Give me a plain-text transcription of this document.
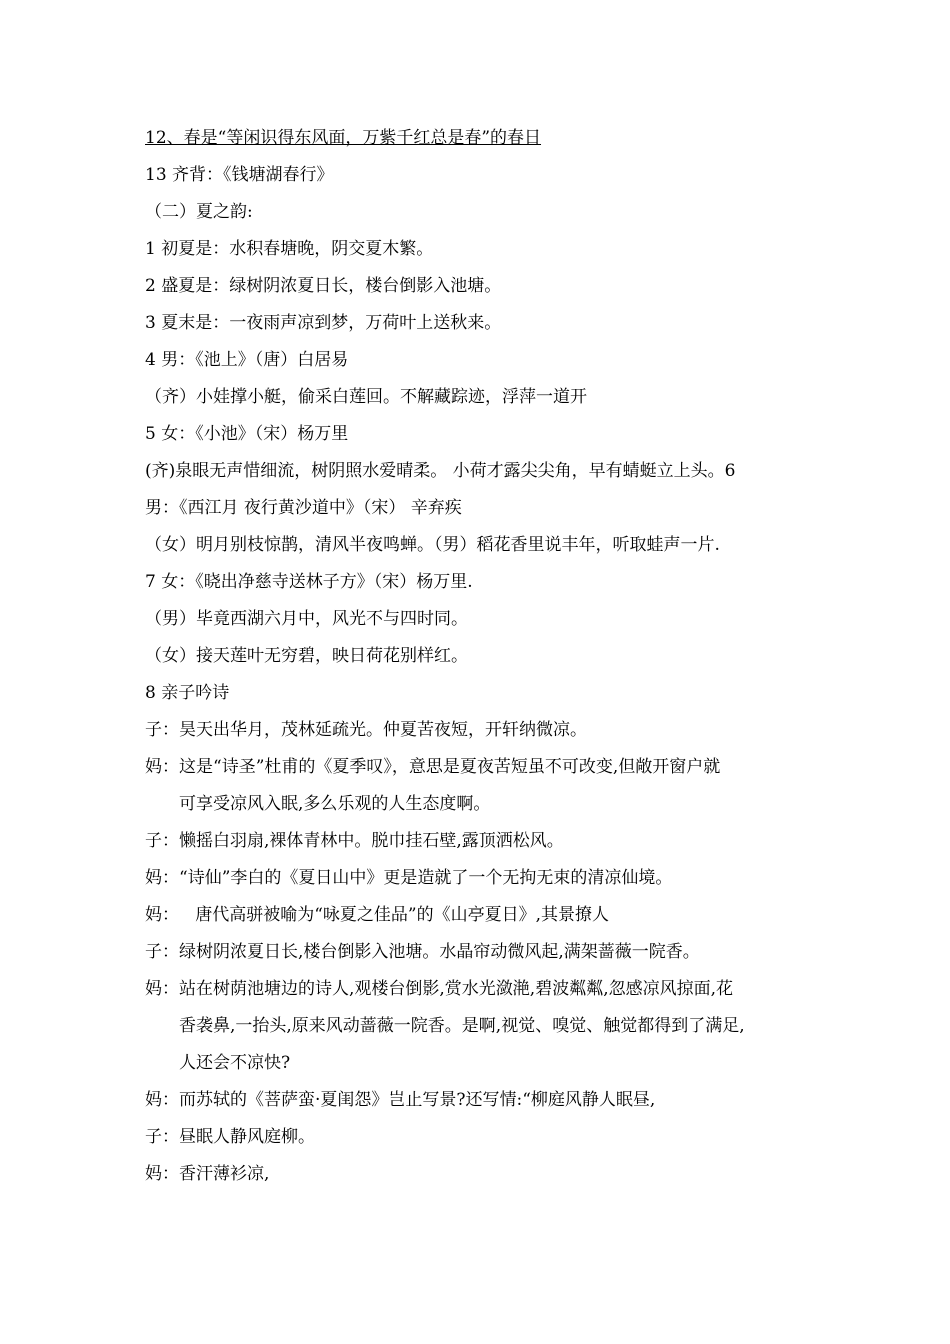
12、春是“等闲识得东风面，万紫千红总是春”的春日
13 齐背：《钱塘湖春行》
（二）夏之韵:
1 初夏是：水积春塘晚，阴交夏木繁。
2 盛夏是：绿树阴浓夏日长，楼台倒影入池塘。
3 夏末是：一夜雨声凉到梦，万荷叶上送秋来。
4 男：《池上》（唐）白居易
（齐）小娃撑小艇，偷采白莲回。不解藏踪迹，浮萍一道开
5 女：《小池》（宋）杨万里
(齐)泉眼无声惜细流，树阴照水爱晴柔。 小荷才露尖尖角，早有蜻蜓立上头。6
男：《西江月 夜行黄沙道中》（宋） 辛弃疾
（女）明月别枝惊鹊，清风半夜鸣蝉。（男）稻花香里说丰年，听取蛙声一片.
7 女：《晓出净慈寺送林子方》（宋）杨万里.
（男）毕竟西湖六月中，风光不与四时同。
（女）接天莲叶无穷碧，映日荷花别样红。
8 亲子吟诗
子：昊天出华月，茂林延疏光。仲夏苦夜短，开轩纳微凉。
妈：这是“诗圣”杜甫的《夏季叹》，意思是夏夜苦短虽不可改变,但敞开窗户就
可享受凉风入眠,多么乐观的人生态度啊。
子：懒摇白羽扇,裸体青林中。脱巾挂石壁,露顶洒松风。
妈：“诗仙”李白的《夏日山中》更是造就了一个无拘无束的清凉仙境。
妈：   唐代高骈被喻为“咏夏之佳品”的《山亭夏日》,其景撩人
子：绿树阴浓夏日长,楼台倒影入池塘。水晶帘动微风起,满架蔷薇一院香。
妈：站在树荫池塘边的诗人,观楼台倒影,赏水光潋滟,碧波粼粼,忽感凉风掠面,花
香袭鼻,一抬头,原来风动蔷薇一院香。是啊,视觉、嗅觉、触觉都得到了满足,
人还会不凉快?
妈：而苏轼的《菩萨蛮·夏闺怨》岂止写景?还写情:“柳庭风静人眠昼,
子：昼眠人静风庭柳。
妈：香汗薄衫凉,
